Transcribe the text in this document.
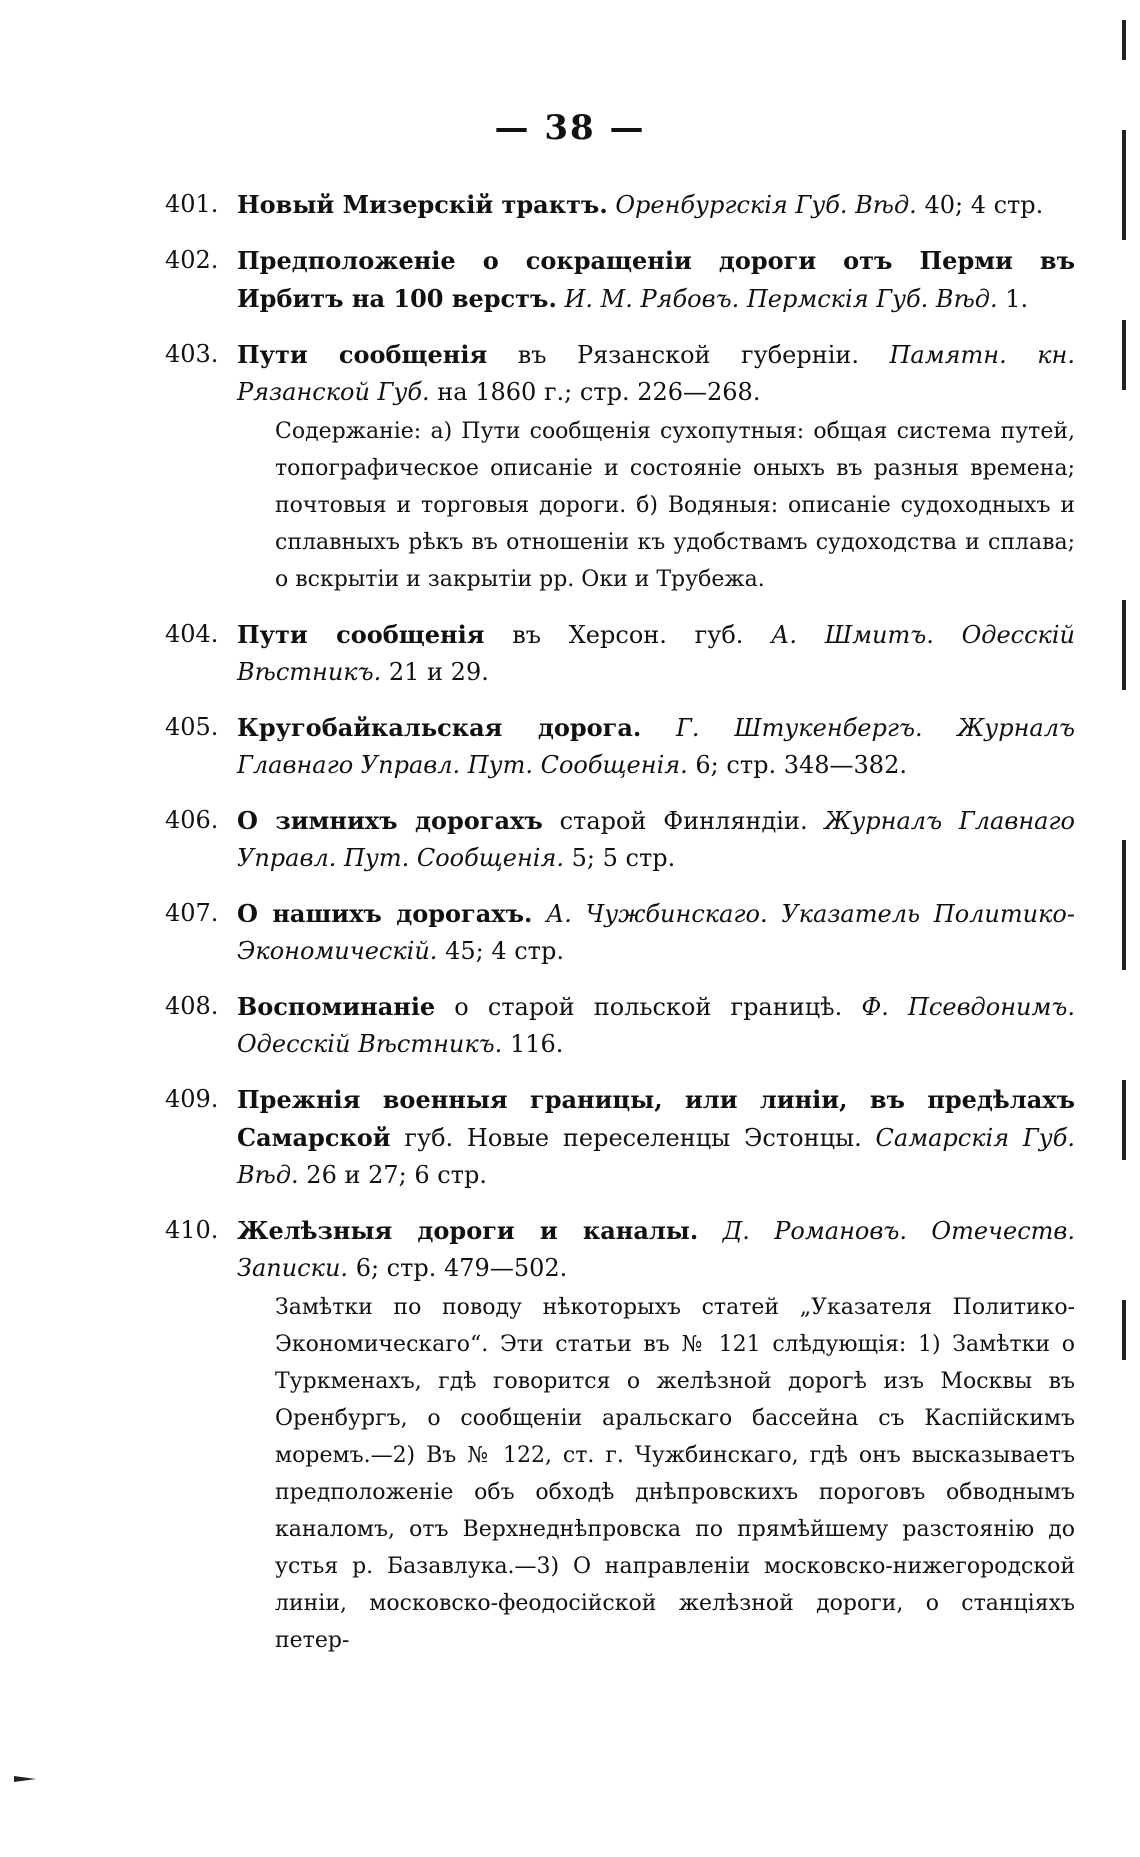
— 38 —
401. Новый Мизерскій трактъ. Оренбургскія Губ. Вѣд. 40; 4 стр.
402. Предположеніе о сокращеніи дороги отъ Перми въ Ирбитъ на 100 верстъ. И. М. Рябовъ. Пермскія Губ. Вѣд. 1.
403. Пути сообщенія въ Рязанской губерніи. Памятн. кн. Рязанской Губ. на 1860 г.; стр. 226—268.
Содержаніе: а) Пути сообщенія сухопутныя: общая система путей, топографическое описаніе и состояніе оныхъ въ разныя времена; почтовыя и торговыя дороги. б) Водяныя: описаніе судоходныхъ и сплавныхъ рѣкъ въ отношеніи къ удобствамъ судоходства и сплава; о вскрытіи и закрытіи рр. Оки и Трубежа.
404. Пути сообщенія въ Херсон. губ. А. Шмитъ. Одесскій Вѣстникъ. 21 и 29.
405. Кругобайкальская дорога. Г. Штукенбергъ. Журналъ Главнаго Управл. Пут. Сообщенія. 6; стр. 348—382.
406. О зимнихъ дорогахъ старой Финляндіи. Журналъ Главнаго Управл. Пут. Сообщенія. 5; 5 стр.
407. О нашихъ дорогахъ. А. Чужбинскаго. Указатель Политико-Экономическій. 45; 4 стр.
408. Воспоминаніе о старой польской границѣ. Ф. Псевдонимъ. Одесскій Вѣстникъ. 116.
409. Прежнія военныя границы, или линіи, въ предѣлахъ Самарской губ. Новые переселенцы Эстонцы. Самарскія Губ. Вѣд. 26 и 27; 6 стр.
410. Желѣзныя дороги и каналы. Д. Романовъ. Отечеств. Записки. 6; стр. 479—502.
Замѣтки по поводу нѣкоторыхъ статей „Указателя Политико-Экономическаго“. Эти статьи въ № 121 слѣдующія: 1) Замѣтки о Туркменахъ, гдѣ говорится о желѣзной дорогѣ изъ Москвы въ Оренбургъ, о сообщеніи аральскаго бассейна съ Каспійскимъ моремъ.—2) Въ № 122, ст. г. Чужбинскаго, гдѣ онъ высказываетъ предположеніе объ обходѣ днѣпровскихъ пороговъ обводнымъ каналомъ, отъ Верхнеднѣпровска по прямѣйшему разстоянію до устья р. Базавлука.—3) О направленіи московско-нижегородской линіи, московско-феодосійской желѣзной дороги, о станціяхъ петер-
